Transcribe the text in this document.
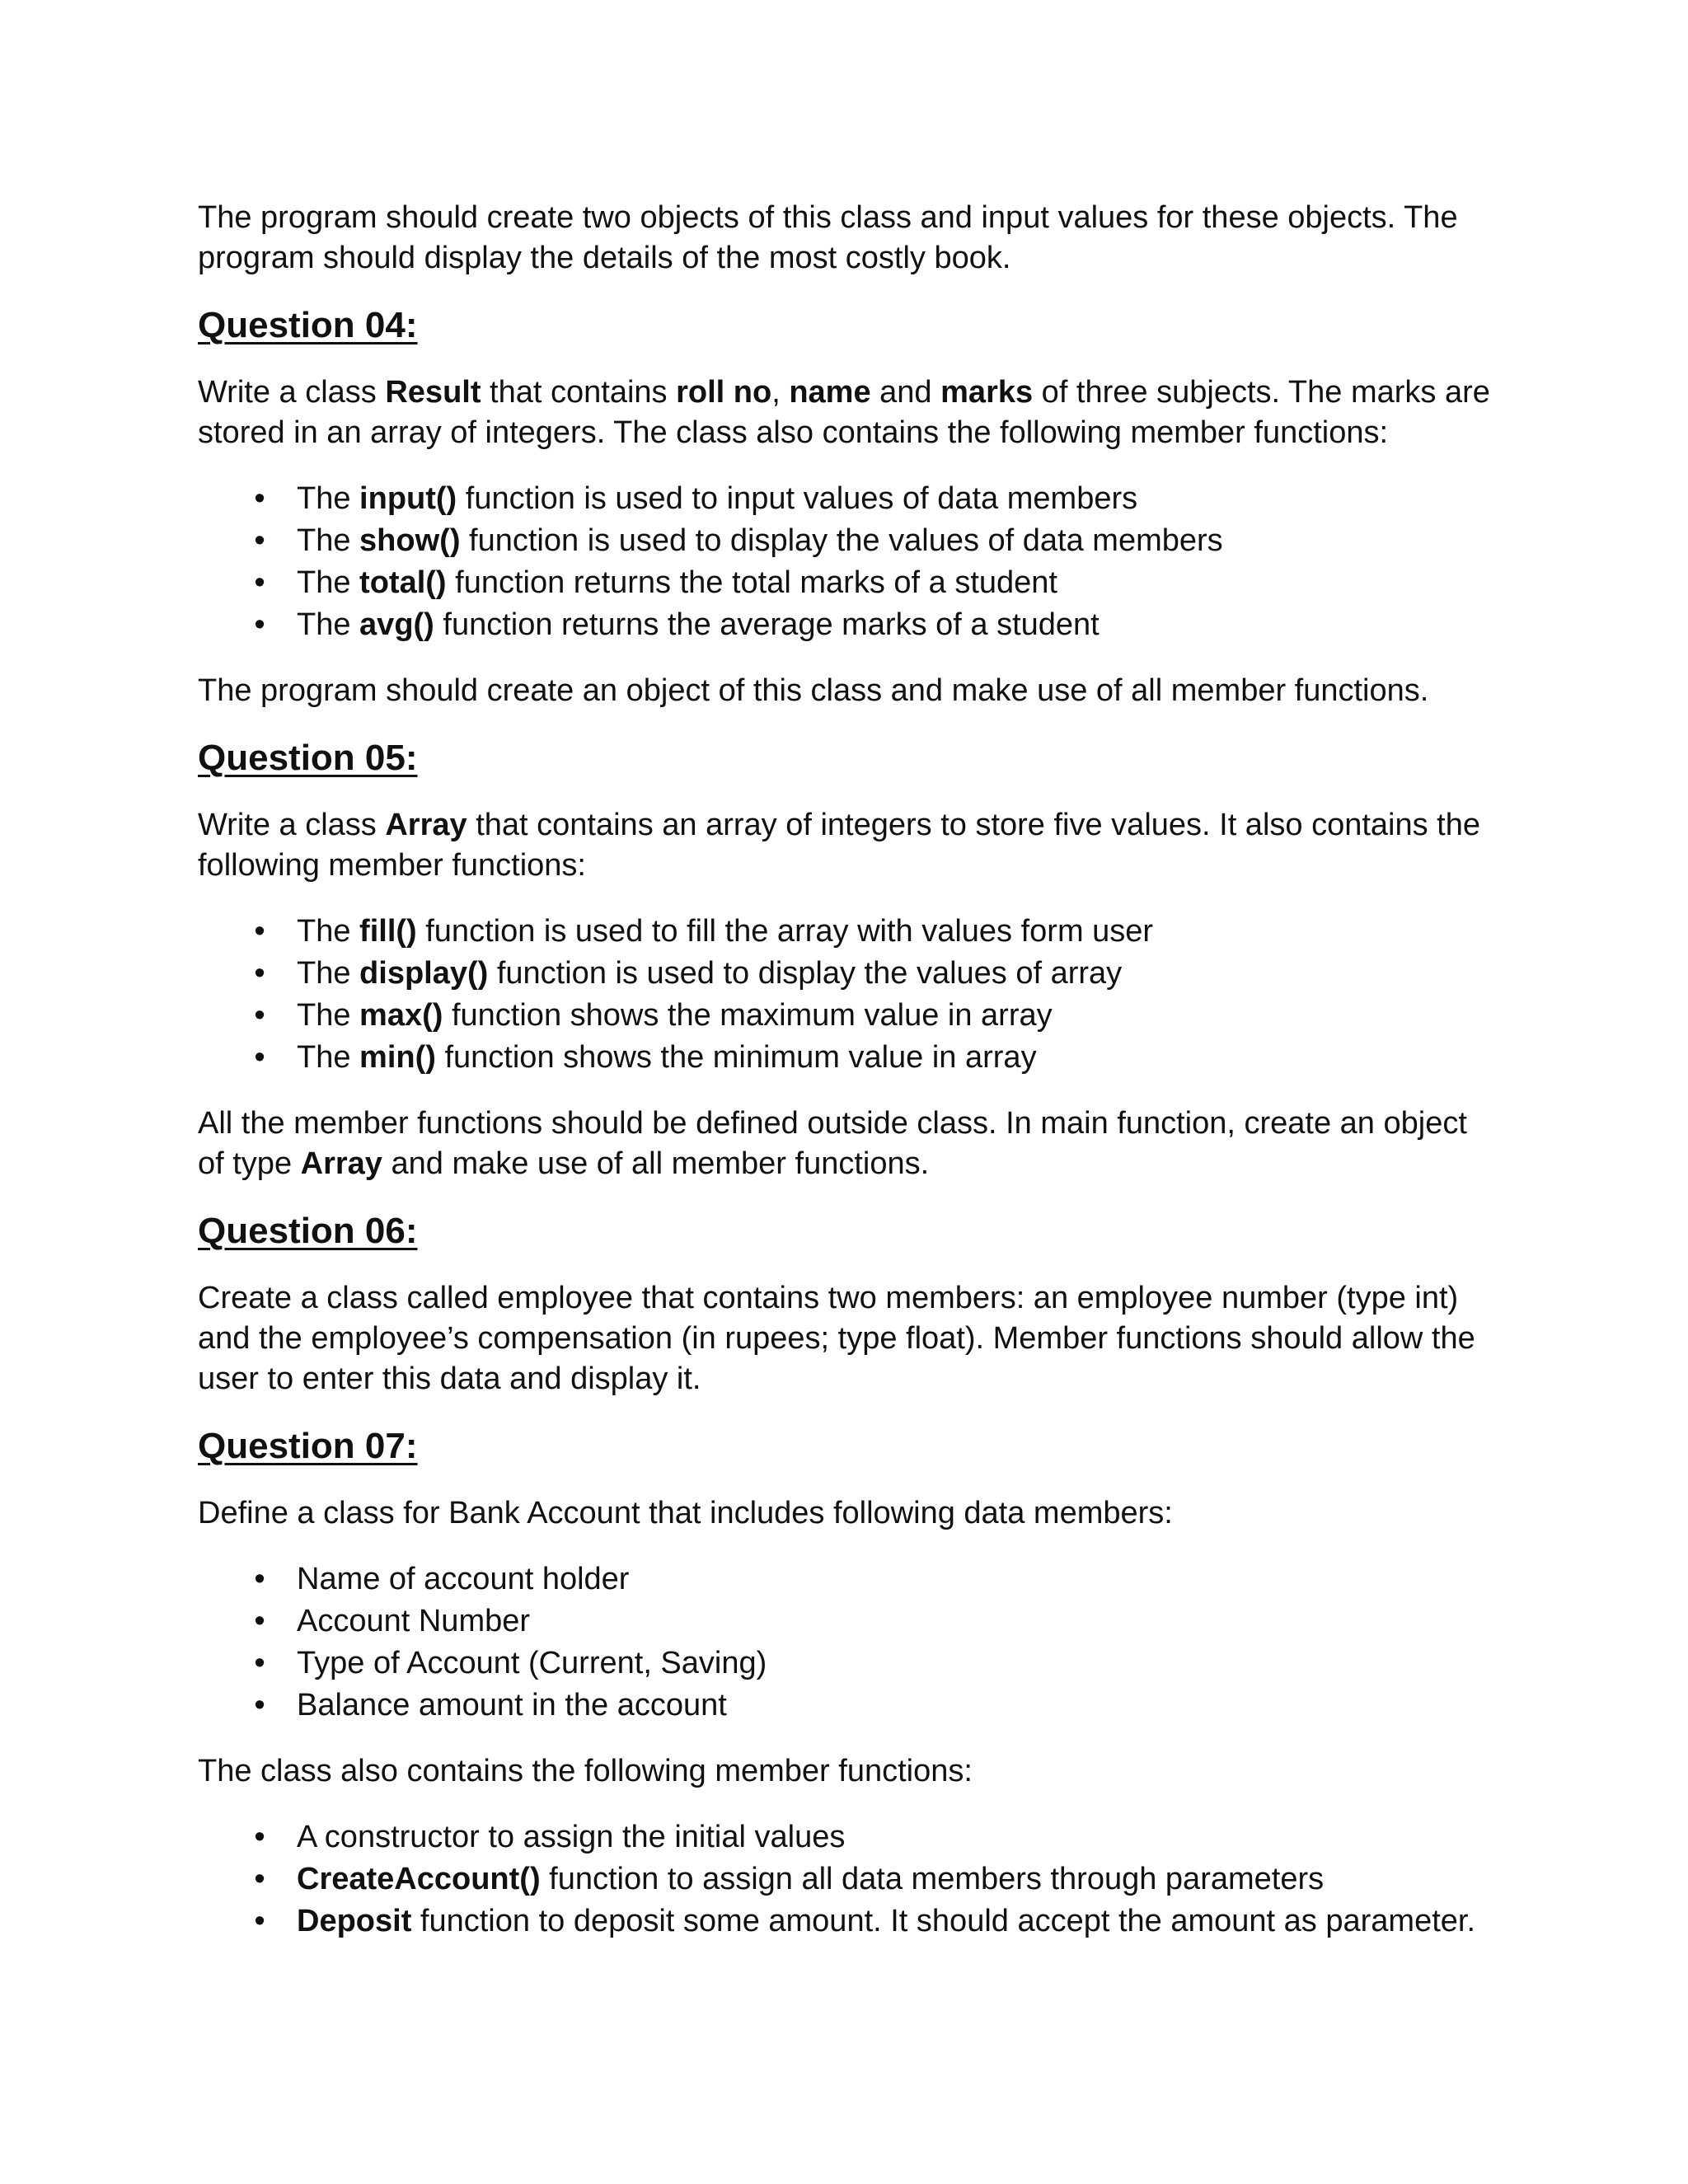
The program should create two objects of this class and input values for these objects. The program should display the details of the most costly book.

Question 04:

Write a class Result that contains roll no, name and marks of three subjects. The marks are stored in an array of integers. The class also contains the following member functions:

• The input() function is used to input values of data members
• The show() function is used to display the values of data members
• The total() function returns the total marks of a student
• The avg() function returns the average marks of a student

The program should create an object of this class and make use of all member functions.

Question 05:

Write a class Array that contains an array of integers to store five values. It also contains the following member functions:

• The fill() function is used to fill the array with values form user
• The display() function is used to display the values of array
• The max() function shows the maximum value in array
• The min() function shows the minimum value in array

All the member functions should be defined outside class. In main function, create an object of type Array and make use of all member functions.

Question 06:

Create a class called employee that contains two members: an employee number (type int) and the employee’s compensation (in rupees; type float). Member functions should allow the user to enter this data and display it.

Question 07:

Define a class for Bank Account that includes following data members:

• Name of account holder
• Account Number
• Type of Account (Current, Saving)
• Balance amount in the account

The class also contains the following member functions:

• A constructor to assign the initial values
• CreateAccount() function to assign all data members through parameters
• Deposit function to deposit some amount. It should accept the amount as parameter.
